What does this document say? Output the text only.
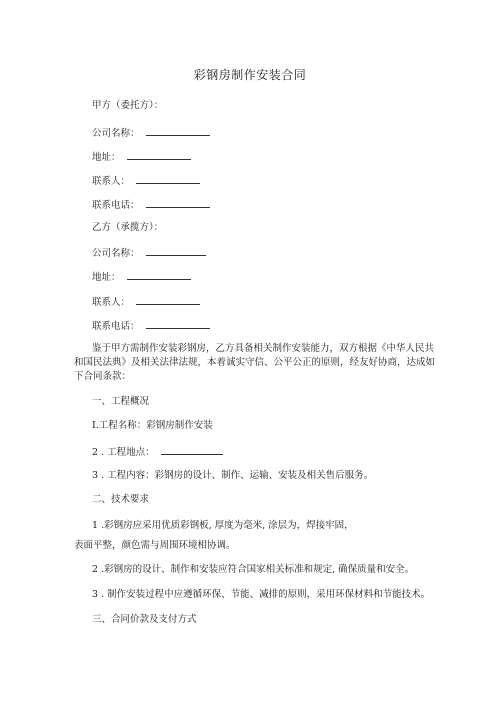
彩钢房制作安装合同
甲方（委托方）：
公司名称：
地址：
联系人：
联系电话：
乙方（承揽方）：
公司名称：
地址：
联系人：
联系电话：
鉴于甲方需制作安装彩钢房，乙方具备相关制作安装能力，双方根据《中华人民共
和国民法典》及相关法律法规，本着诚实守信、公平公正的原则，经友好协商，达成如
下合同条款：
一、工程概况
I.工程名称：彩钢房制作安装
2 . 工程地点：
3 . 工程内容：彩钢房的设计、制作、运输、安装及相关售后服务。
二、技术要求
1 .彩钢房应采用优质彩钢板, 厚度为毫米, 涂层为，焊接牢固，
表面平整，颜色需与周围环境相协调。
2 .彩钢房的设计、制作和安装应符合国家相关标准和规定, 确保质量和安全。
3 . 制作安装过程中应遵循环保、节能、减排的原则，采用环保材料和节能技术。
三、合同价款及支付方式
